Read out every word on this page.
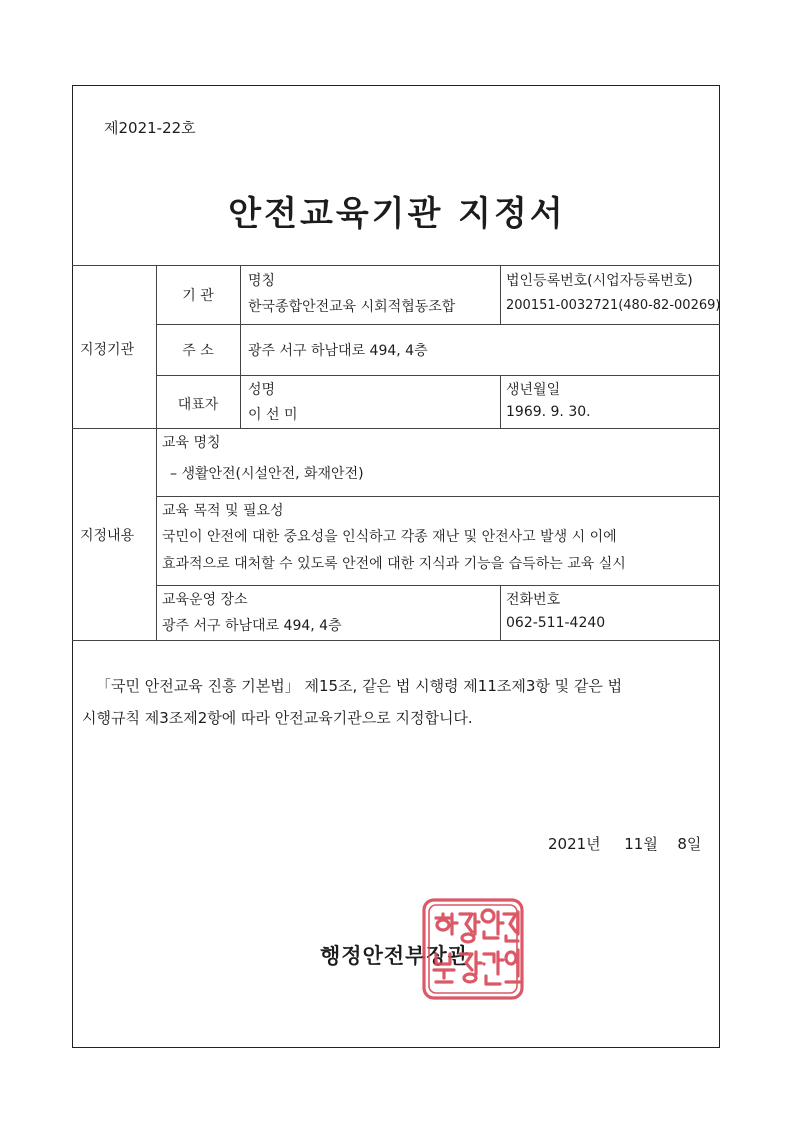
제2021-22호
안전교육기관 지정서
지정기관
기 관
명칭
한국종합안전교육 시회적협동조합
법인등록번호(시업자등록번호)
200151-0032721(480-82-00269)
주 소	광주 서구 하남대로 494, 4층
대표자
성명
이 선 미
생년월일
1969. 9. 30.
지정내용
교육 명칭
– 생활안전(시설안전, 화재안전)
교육 목적 및 필요성
국민이 안전에 대한 중요성을 인식하고 각종 재난 및 안전사고 발생 시 이에
효과적으로 대처할 수 있도록 안전에 대한 지식과 기능을 습득하는 교육 실시
교육운영 장소
광주 서구 하남대로 494, 4층
전화번호
062-511-4240
「국민 안전교육 진흥 기본법」 제15조, 같은 법 시행령 제11조제3항 및 같은 법
시행규칙 제3조제2항에 따라 안전교육기관으로 지정합니다.
2021년 11월 8일
행정안전부장관
